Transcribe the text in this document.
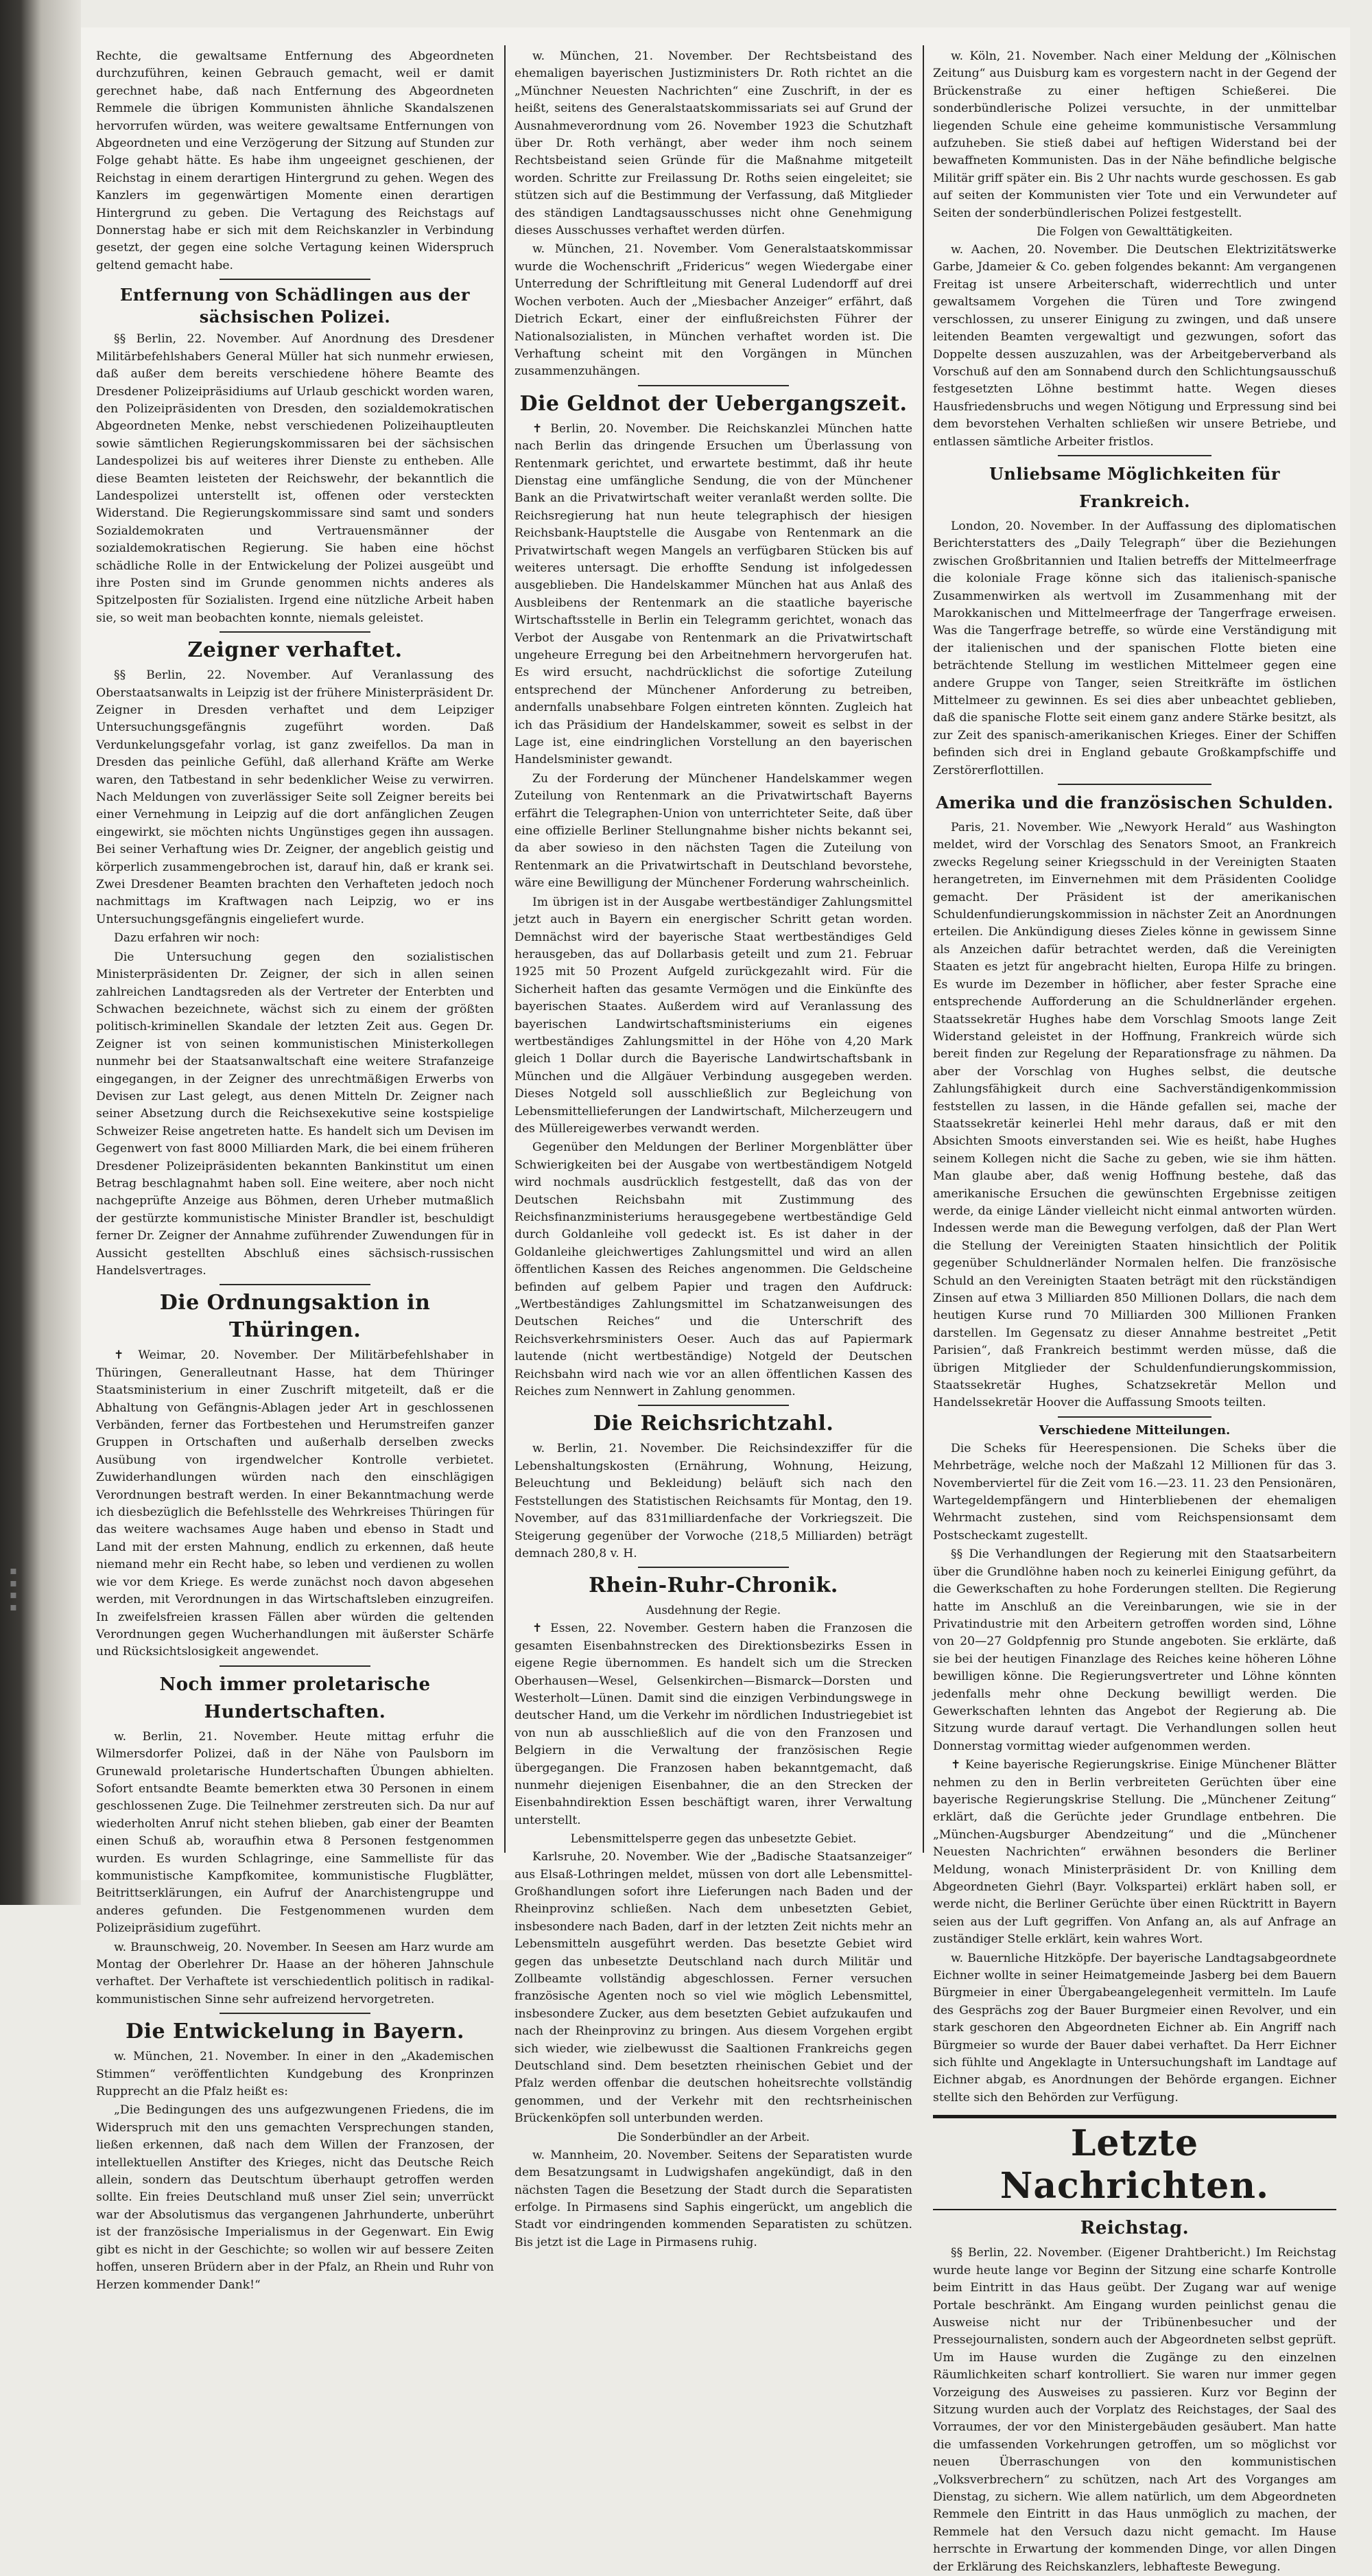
▪
▪
▪
▪

Rechte, die gewaltsame Entfernung des Abgeordneten durchzuführen, keinen Gebrauch gemacht, weil er damit gerechnet habe, daß nach Entfernung des Abgeordneten Remmele die übrigen Kommunisten ähnliche Skandalszenen hervorrufen würden, was weitere gewaltsame Entfernungen von Abgeordneten und eine Verzögerung der Sitzung auf Stunden zur Folge gehabt hätte. Es habe ihm ungeeignet geschienen, der Reichstag in einem derartigen Hintergrund zu gehen. Wegen des Kanzlers im gegenwärtigen Momente einen derartigen Hintergrund zu geben. Die Vertagung des Reichstags auf Donnerstag habe er sich mit dem Reichskanzler in Verbindung gesetzt, der gegen eine solche Vertagung keinen Widerspruch geltend gemacht habe.

Entfernung von Schädlingen aus der sächsischen Polizei.

§§ Berlin, 22. November. Auf Anordnung des Dresdener Militärbefehlshabers General Müller hat sich nunmehr erwiesen, daß außer dem bereits verschiedene höhere Beamte des Dresdener Polizeipräsidiums auf Urlaub geschickt worden waren, den Polizeipräsidenten von Dresden, den sozialdemokratischen Abgeordneten Menke, nebst verschiedenen Polizeihauptleuten sowie sämtlichen Regierungskommissaren bei der sächsischen Landespolizei bis auf weiteres ihrer Dienste zu entheben. Alle diese Beamten leisteten der Reichswehr, der bekanntlich die Landespolizei unterstellt ist, offenen oder versteckten Widerstand. Die Regierungskommissare sind samt und sonders Sozialdemokraten und Vertrauensmänner der sozialdemokratischen Regierung. Sie haben eine höchst schädliche Rolle in der Entwickelung der Polizei ausgeübt und ihre Posten sind im Grunde genommen nichts anderes als Spitzelposten für Sozialisten. Irgend eine nützliche Arbeit haben sie, so weit man beobachten konnte, niemals geleistet.

Zeigner verhaftet.

§§ Berlin, 22. November. Auf Veranlassung des Oberstaatsanwalts in Leipzig ist der frühere Ministerpräsident Dr. Zeigner in Dresden verhaftet und dem Leipziger Untersuchungsgefängnis zugeführt worden. Daß Verdunkelungsgefahr vorlag, ist ganz zweifellos. Da man in Dresden das peinliche Gefühl, daß allerhand Kräfte am Werke waren, den Tatbestand in sehr bedenklicher Weise zu verwirren. Nach Meldungen von zuverlässiger Seite soll Zeigner bereits bei einer Vernehmung in Leipzig auf die dort anfänglichen Zeugen eingewirkt, sie möchten nichts Ungünstiges gegen ihn aussagen. Bei seiner Verhaftung wies Dr. Zeigner, der angeblich geistig und körperlich zusammengebrochen ist, darauf hin, daß er krank sei. Zwei Dresdener Beamten brachten den Verhafteten jedoch noch nachmittags im Kraftwagen nach Leipzig, wo er ins Untersuchungsgefängnis eingeliefert wurde.

Dazu erfahren wir noch:

Die Untersuchung gegen den sozialistischen Ministerpräsidenten Dr. Zeigner, der sich in allen seinen zahlreichen Landtagsreden als der Vertreter der Enterbten und Schwachen bezeichnete, wächst sich zu einem der größten politisch-kriminellen Skandale der letzten Zeit aus. Gegen Dr. Zeigner ist von seinen kommunistischen Ministerkollegen nunmehr bei der Staatsanwaltschaft eine weitere Strafanzeige eingegangen, in der Zeigner des unrechtmäßigen Erwerbs von Devisen zur Last gelegt, aus denen Mitteln Dr. Zeigner nach seiner Absetzung durch die Reichsexekutive seine kostspielige Schweizer Reise angetreten hatte. Es handelt sich um Devisen im Gegenwert von fast 8000 Milliarden Mark, die bei einem früheren Dresdener Polizeipräsidenten bekannten Bankinstitut um einen Betrag beschlagnahmt haben soll. Eine weitere, aber noch nicht nachgeprüfte Anzeige aus Böhmen, deren Urheber mutmaßlich der gestürzte kommunistische Minister Brandler ist, beschuldigt ferner Dr. Zeigner der Annahme zuführender Zuwendungen für in Aussicht gestellten Abschluß eines sächsisch-russischen Handelsvertrages.

Die Ordnungsaktion in Thüringen.

✝ Weimar, 20. November. Der Militärbefehlshaber in Thüringen, Generalleutnant Hasse, hat dem Thüringer Staatsministerium in einer Zuschrift mitgeteilt, daß er die Abhaltung von Gefängnis-Ablagen jeder Art in geschlossenen Verbänden, ferner das Fortbestehen und Herumstreifen ganzer Gruppen in Ortschaften und außerhalb derselben zwecks Ausübung von irgendwelcher Kontrolle verbietet. Zuwiderhandlungen würden nach den einschlägigen Verordnungen bestraft werden. In einer Bekanntmachung werde ich diesbezüglich die Befehlsstelle des Wehrkreises Thüringen für das weitere wachsames Auge haben und ebenso in Stadt und Land mit der ersten Mahnung, endlich zu erkennen, daß heute niemand mehr ein Recht habe, so leben und verdienen zu wollen wie vor dem Kriege. Es werde zunächst noch davon abgesehen werden, mit Verordnungen in das Wirtschaftsleben einzugreifen. In zweifelsfreien krassen Fällen aber würden die geltenden Verordnungen gegen Wucherhandlungen mit äußerster Schärfe und Rücksichtslosigkeit angewendet.

Noch immer proletarische Hundertschaften.

w. Berlin, 21. November. Heute mittag erfuhr die Wilmersdorfer Polizei, daß in der Nähe von Paulsborn im Grunewald proletarische Hundertschaften Übungen abhielten. Sofort entsandte Beamte bemerkten etwa 30 Personen in einem geschlossenen Zuge. Die Teilnehmer zerstreuten sich. Da nur auf wiederholten Anruf nicht stehen blieben, gab einer der Beamten einen Schuß ab, woraufhin etwa 8 Personen festgenommen wurden. Es wurden Schlagringe, eine Sammelliste für das kommunistische Kampfkomitee, kommunistische Flugblätter, Beitrittserklärungen, ein Aufruf der Anarchistengruppe und anderes gefunden. Die Festgenommenen wurden dem Polizeipräsidium zugeführt.

w. Braunschweig, 20. November. In Seesen am Harz wurde am Montag der Oberlehrer Dr. Haase an der höheren Jahnschule verhaftet. Der Verhaftete ist verschiedentlich politisch in radikal-kommunistischen Sinne sehr aufreizend hervorgetreten.

Die Entwickelung in Bayern.

w. München, 21. November. In einer in den „Akademischen Stimmen“ veröffentlichten Kundgebung des Kronprinzen Rupprecht an die Pfalz heißt es:

„Die Bedingungen des uns aufgezwungenen Friedens, die im Widerspruch mit den uns gemachten Versprechungen standen, ließen erkennen, daß nach dem Willen der Franzosen, der intellektuellen Anstifter des Krieges, nicht das Deutsche Reich allein, sondern das Deutschtum überhaupt getroffen werden sollte. Ein freies Deutschland muß unser Ziel sein; unverrückt war der Absolutismus das vergangenen Jahrhunderte, unberührt ist der französische Imperialismus in der Gegenwart. Ein Ewig gibt es nicht in der Geschichte; so wollen wir auf bessere Zeiten hoffen, unseren Brüdern aber in der Pfalz, an Rhein und Ruhr von Herzen kommender Dank!“

w. München, 21. November. Der Rechtsbeistand des ehemaligen bayerischen Justizministers Dr. Roth richtet an die „Münchner Neuesten Nachrichten“ eine Zuschrift, in der es heißt, seitens des Generalstaatskommissariats sei auf Grund der Ausnahmeverordnung vom 26. November 1923 die Schutzhaft über Dr. Roth verhängt, aber weder ihm noch seinem Rechtsbeistand seien Gründe für die Maßnahme mitgeteilt worden. Schritte zur Freilassung Dr. Roths seien eingeleitet; sie stützen sich auf die Bestimmung der Verfassung, daß Mitglieder des ständigen Landtagsausschusses nicht ohne Genehmigung dieses Ausschusses verhaftet werden dürfen.

w. München, 21. November. Vom Generalstaatskommissar wurde die Wochenschrift „Fridericus“ wegen Wiedergabe einer Unterredung der Schriftleitung mit General Ludendorff auf drei Wochen verboten. Auch der „Miesbacher Anzeiger“ erfährt, daß Dietrich Eckart, einer der einflußreichsten Führer der Nationalsozialisten, in München verhaftet worden ist. Die Verhaftung scheint mit den Vorgängen in München zusammenzuhängen.

Die Geldnot der Uebergangszeit.

✝ Berlin, 20. November. Die Reichskanzlei München hatte nach Berlin das dringende Ersuchen um Überlassung von Rentenmark gerichtet, und erwartete bestimmt, daß ihr heute Dienstag eine umfängliche Sendung, die von der Münchener Bank an die Privatwirtschaft weiter veranlaßt werden sollte. Die Reichsregierung hat nun heute telegraphisch der hiesigen Reichsbank-Hauptstelle die Ausgabe von Rentenmark an die Privatwirtschaft wegen Mangels an verfügbaren Stücken bis auf weiteres untersagt. Die erhoffte Sendung ist infolgedessen ausgeblieben. Die Handelskammer München hat aus Anlaß des Ausbleibens der Rentenmark an die staatliche bayerische Wirtschaftsstelle in Berlin ein Telegramm gerichtet, wonach das Verbot der Ausgabe von Rentenmark an die Privatwirtschaft ungeheure Erregung bei den Arbeitnehmern hervorgerufen hat. Es wird ersucht, nachdrücklichst die sofortige Zuteilung entsprechend der Münchener Anforderung zu betreiben, andernfalls unabsehbare Folgen eintreten könnten. Zugleich hat ich das Präsidium der Handelskammer, soweit es selbst in der Lage ist, eine eindringlichen Vorstellung an den bayerischen Handelsminister gewandt.

Zu der Forderung der Münchener Handelskammer wegen Zuteilung von Rentenmark an die Privatwirtschaft Bayerns erfährt die Telegraphen-Union von unterrichteter Seite, daß über eine offizielle Berliner Stellungnahme bisher nichts bekannt sei, da aber sowieso in den nächsten Tagen die Zuteilung von Rentenmark an die Privatwirtschaft in Deutschland bevorstehe, wäre eine Bewilligung der Münchener Forderung wahrscheinlich.

Im übrigen ist in der Ausgabe wertbeständiger Zahlungsmittel jetzt auch in Bayern ein energischer Schritt getan worden. Demnächst wird der bayerische Staat wertbeständiges Geld herausgeben, das auf Dollarbasis geteilt und zum 21. Februar 1925 mit 50 Prozent Aufgeld zurückgezahlt wird. Für die Sicherheit haften das gesamte Vermögen und die Einkünfte des bayerischen Staates. Außerdem wird auf Veranlassung des bayerischen Landwirtschaftsministeriums ein eigenes wertbeständiges Zahlungsmittel in der Höhe von 4,20 Mark gleich 1 Dollar durch die Bayerische Landwirtschaftsbank in München und die Allgäuer Verbindung ausgegeben werden. Dieses Notgeld soll ausschließlich zur Begleichung von Lebensmittellieferungen der Landwirtschaft, Milcherzeugern und des Müllereigewerbes verwandt werden.

Gegenüber den Meldungen der Berliner Morgenblätter über Schwierigkeiten bei der Ausgabe von wertbeständigem Notgeld wird nochmals ausdrücklich festgestellt, daß das von der Deutschen Reichsbahn mit Zustimmung des Reichsfinanzministeriums herausgegebene wertbeständige Geld durch Goldanleihe voll gedeckt ist. Es ist daher in der Goldanleihe gleichwertiges Zahlungsmittel und wird an allen öffentlichen Kassen des Reiches angenommen. Die Geldscheine befinden auf gelbem Papier und tragen den Aufdruck: „Wertbeständiges Zahlungsmittel im Schatzanweisungen des Deutschen Reiches“ und die Unterschrift des Reichsverkehrsministers Oeser. Auch das auf Papiermark lautende (nicht wertbeständige) Notgeld der Deutschen Reichsbahn wird nach wie vor an allen öffentlichen Kassen des Reiches zum Nennwert in Zahlung genommen.

Die Reichsrichtzahl.

w. Berlin, 21. November. Die Reichsindexziffer für die Lebenshaltungskosten (Ernährung, Wohnung, Heizung, Beleuchtung und Bekleidung) beläuft sich nach den Feststellungen des Statistischen Reichsamts für Montag, den 19. November, auf das 831milliardenfache der Vorkriegszeit. Die Steigerung gegenüber der Vorwoche (218,5 Milliarden) beträgt demnach 280,8 v. H.

Rhein-Ruhr-Chronik.
Ausdehnung der Regie.

✝ Essen, 22. November. Gestern haben die Franzosen die gesamten Eisenbahnstrecken des Direktionsbezirks Essen in eigene Regie übernommen. Es handelt sich um die Strecken Oberhausen—Wesel, Gelsenkirchen—Bismarck—Dorsten und Westerholt—Lünen. Damit sind die einzigen Verbindungswege in deutscher Hand, um die Verkehr im nördlichen Industriegebiet ist von nun ab ausschließlich auf die von den Franzosen und Belgiern in die Verwaltung der französischen Regie übergegangen. Die Franzosen haben bekanntgemacht, daß nunmehr diejenigen Eisenbahner, die an den Strecken der Eisenbahndirektion Essen beschäftigt waren, ihrer Verwaltung unterstellt.

Lebensmittelsperre gegen das unbesetzte Gebiet.

Karlsruhe, 20. November. Wie der „Badische Staatsanzeiger“ aus Elsaß-Lothringen meldet, müssen von dort alle Lebensmittel-Großhandlungen sofort ihre Lieferungen nach Baden und der Rheinprovinz schließen. Nach dem unbesetzten Gebiet, insbesondere nach Baden, darf in der letzten Zeit nichts mehr an Lebensmitteln ausgeführt werden. Das besetzte Gebiet wird gegen das unbesetzte Deutschland nach durch Militär und Zollbeamte vollständig abgeschlossen. Ferner versuchen französische Agenten noch so viel wie möglich Lebensmittel, insbesondere Zucker, aus dem besetzten Gebiet aufzukaufen und nach der Rheinprovinz zu bringen. Aus diesem Vorgehen ergibt sich wieder, wie zielbewusst die Saaltionen Frankreichs gegen Deutschland sind. Dem besetzten rheinischen Gebiet und der Pfalz werden offenbar die deutschen hoheitsrechte vollständig genommen, und der Verkehr mit den rechtsrheinischen Brückenköpfen soll unterbunden werden.

Die Sonderbündler an der Arbeit.

w. Mannheim, 20. November. Seitens der Separatisten wurde dem Besatzungsamt in Ludwigshafen angekündigt, daß in den nächsten Tagen die Besetzung der Stadt durch die Separatisten erfolge. In Pirmasens sind Saphis eingerückt, um angeblich die Stadt vor eindringenden kommenden Separatisten zu schützen. Bis jetzt ist die Lage in Pirmasens ruhig.

w. Köln, 21. November. Nach einer Meldung der „Kölnischen Zeitung“ aus Duisburg kam es vorgestern nacht in der Gegend der Brückenstraße zu einer heftigen Schießerei. Die sonderbündlerische Polizei versuchte, in der unmittelbar liegenden Schule eine geheime kommunistische Versammlung aufzuheben. Sie stieß dabei auf heftigen Widerstand bei der bewaffneten Kommunisten. Das in der Nähe befindliche belgische Militär griff später ein. Bis 2 Uhr nachts wurde geschossen. Es gab auf seiten der Kommunisten vier Tote und ein Verwundeter auf Seiten der sonderbündlerischen Polizei festgestellt.

Die Folgen von Gewalttätigkeiten.

w. Aachen, 20. November. Die Deutschen Elektrizitätswerke Garbe, Jdameier & Co. geben folgendes bekannt: Am vergangenen Freitag ist unsere Arbeiterschaft, widerrechtlich und unter gewaltsamem Vorgehen die Türen und Tore zwingend verschlossen, zu unserer Einigung zu zwingen, und daß unsere leitenden Beamten vergewaltigt und gezwungen, sofort das Doppelte dessen auszuzahlen, was der Arbeitgeberverband als Vorschuß auf den am Sonnabend durch den Schlichtungsausschuß festgesetzten Löhne bestimmt hatte. Wegen dieses Hausfriedensbruchs und wegen Nötigung und Erpressung sind bei dem bevorstehen Verhalten schließen wir unsere Betriebe, und entlassen sämtliche Arbeiter fristlos.

Unliebsame Möglichkeiten für Frankreich.

London, 20. November. In der Auffassung des diplomatischen Berichterstatters des „Daily Telegraph“ über die Beziehungen zwischen Großbritannien und Italien betreffs der Mittelmeerfrage die koloniale Frage könne sich das italienisch-spanische Zusammenwirken als wertvoll im Zusammenhang mit der Marokkanischen und Mittelmeerfrage der Tangerfrage erweisen. Was die Tangerfrage betreffe, so würde eine Verständigung mit der italienischen und der spanischen Flotte bieten eine beträchtende Stellung im westlichen Mittelmeer gegen eine andere Gruppe von Tanger, seien Streitkräfte im östlichen Mittelmeer zu gewinnen. Es sei dies aber unbeachtet geblieben, daß die spanische Flotte seit einem ganz andere Stärke besitzt, als zur Zeit des spanisch-amerikanischen Krieges. Einer der Schiffen befinden sich drei in England gebaute Großkampfschiffe und Zerstörerflottillen.

Amerika und die französischen Schulden.

Paris, 21. November. Wie „Newyork Herald“ aus Washington meldet, wird der Vorschlag des Senators Smoot, an Frankreich zwecks Regelung seiner Kriegsschuld in der Vereinigten Staaten herangetreten, im Einvernehmen mit dem Präsidenten Coolidge gemacht. Der Präsident ist der amerikanischen Schuldenfundierungskommission in nächster Zeit an Anordnungen erteilen. Die Ankündigung dieses Zieles könne in gewissem Sinne als Anzeichen dafür betrachtet werden, daß die Vereinigten Staaten es jetzt für angebracht hielten, Europa Hilfe zu bringen. Es wurde im Dezember in höflicher, aber fester Sprache eine entsprechende Aufforderung an die Schuldnerländer ergehen. Staatssekretär Hughes habe dem Vorschlag Smoots lange Zeit Widerstand geleistet in der Hoffnung, Frankreich würde sich bereit finden zur Regelung der Reparationsfrage zu nähmen. Da aber der Vorschlag von Hughes selbst, die deutsche Zahlungsfähigkeit durch eine Sachverständigenkommission feststellen zu lassen, in die Hände gefallen sei, mache der Staatssekretär keinerlei Hehl mehr daraus, daß er mit den Absichten Smoots einverstanden sei. Wie es heißt, habe Hughes seinem Kollegen nicht die Sache zu geben, wie sie ihm hätten. Man glaube aber, daß wenig Hoffnung bestehe, daß das amerikanische Ersuchen die gewünschten Ergebnisse zeitigen werde, da einige Länder vielleicht nicht einmal antworten würden. Indessen werde man die Bewegung verfolgen, daß der Plan Wert die Stellung der Vereinigten Staaten hinsichtlich der Politik gegenüber Schuldnerländer Normalen helfen. Die französische Schuld an den Vereinigten Staaten beträgt mit den rückständigen Zinsen auf etwa 3 Milliarden 850 Millionen Dollars, die nach dem heutigen Kurse rund 70 Milliarden 300 Millionen Franken darstellen. Im Gegensatz zu dieser Annahme bestreitet „Petit Parisien“, daß Frankreich bestimmt werden müsse, daß die übrigen Mitglieder der Schuldenfundierungskommission, Staatssekretär Hughes, Schatzsekretär Mellon und Handelssekretär Hoover die Auffassung Smoots teilten.

Verschiedene Mitteilungen.

Die Scheks für Heerespensionen. Die Scheks über die Mehrbeträge, welche noch der Maßzahl 12 Millionen für das 3. Novemberviertel für die Zeit vom 16.—23. 11. 23 den Pensionären, Wartegeldempfängern und Hinterbliebenen der ehemaligen Wehrmacht zustehen, sind vom Reichspensionsamt dem Postscheckamt zugestellt.

§§ Die Verhandlungen der Regierung mit den Staatsarbeitern über die Grundlöhne haben noch zu keinerlei Einigung geführt, da die Gewerkschaften zu hohe Forderungen stellten. Die Regierung hatte im Anschluß an die Vereinbarungen, wie sie in der Privatindustrie mit den Arbeitern getroffen worden sind, Löhne von 20—27 Goldpfennig pro Stunde angeboten. Sie erklärte, daß sie bei der heutigen Finanzlage des Reiches keine höheren Löhne bewilligen könne. Die Regierungsvertreter und Löhne könnten jedenfalls mehr ohne Deckung bewilligt werden. Die Gewerkschaften lehnten das Angebot der Regierung ab. Die Sitzung wurde darauf vertagt. Die Verhandlungen sollen heut Donnerstag vormittag wieder aufgenommen werden.

✝ Keine bayerische Regierungskrise. Einige Münchener Blätter nehmen zu den in Berlin verbreiteten Gerüchten über eine bayerische Regierungskrise Stellung. Die „Münchener Zeitung“ erklärt, daß die Gerüchte jeder Grundlage entbehren. Die „München-Augsburger Abendzeitung“ und die „Münchener Neuesten Nachrichten“ erwähnen besonders die Berliner Meldung, wonach Ministerpräsident Dr. von Knilling dem Abgeordneten Giehrl (Bayr. Volkspartei) erklärt haben soll, er werde nicht, die Berliner Gerüchte über einen Rücktritt in Bayern seien aus der Luft gegriffen. Von Anfang an, als auf Anfrage an zuständiger Stelle erklärt, kein wahres Wort.

w. Bauernliche Hitzköpfe. Der bayerische Landtagsabgeordnete Eichner wollte in seiner Heimatgemeinde Jasberg bei dem Bauern Bürgmeier in einer Übergabeangelegenheit vermitteln. Im Laufe des Gesprächs zog der Bauer Burgmeier einen Revolver, und ein stark geschoren den Abgeordneten Eichner ab. Ein Angriff nach Bürgmeier so wurde der Bauer dabei verhaftet. Da Herr Eichner sich fühlte und Angeklagte in Untersuchungshaft im Landtage auf Eichner abgab, es Anordnungen der Behörde ergangen. Eichner stellte sich den Behörden zur Verfügung.

Letzte Nachrichten.
Reichstag.

§§ Berlin, 22. November. (Eigener Drahtbericht.) Im Reichstag wurde heute lange vor Beginn der Sitzung eine scharfe Kontrolle beim Eintritt in das Haus geübt. Der Zugang war auf wenige Portale beschränkt. Am Eingang wurden peinlichst genau die Ausweise nicht nur der Tribünenbesucher und der Pressejournalisten, sondern auch der Abgeordneten selbst geprüft. Um im Hause wurden die Zugänge zu den einzelnen Räumlichkeiten scharf kontrolliert. Sie waren nur immer gegen Vorzeigung des Ausweises zu passieren. Kurz vor Beginn der Sitzung wurden auch der Vorplatz des Reichstages, der Saal des Vorraumes, der vor den Ministergebäuden gesäubert. Man hatte die umfassenden Vorkehrungen getroffen, um so möglichst vor neuen Überraschungen von den kommunistischen „Volksverbrechern“ zu schützen, nach Art des Vorganges am Dienstag, zu sichern. Wie allem natürlich, um dem Abgeordneten Remmele den Eintritt in das Haus unmöglich zu machen, der Remmele hat den Versuch dazu nicht gemacht. Im Hause herrschte in Erwartung der kommenden Dinge, vor allen Dingen der Erklärung des Reichskanzlers, lebhafteste Bewegung.
